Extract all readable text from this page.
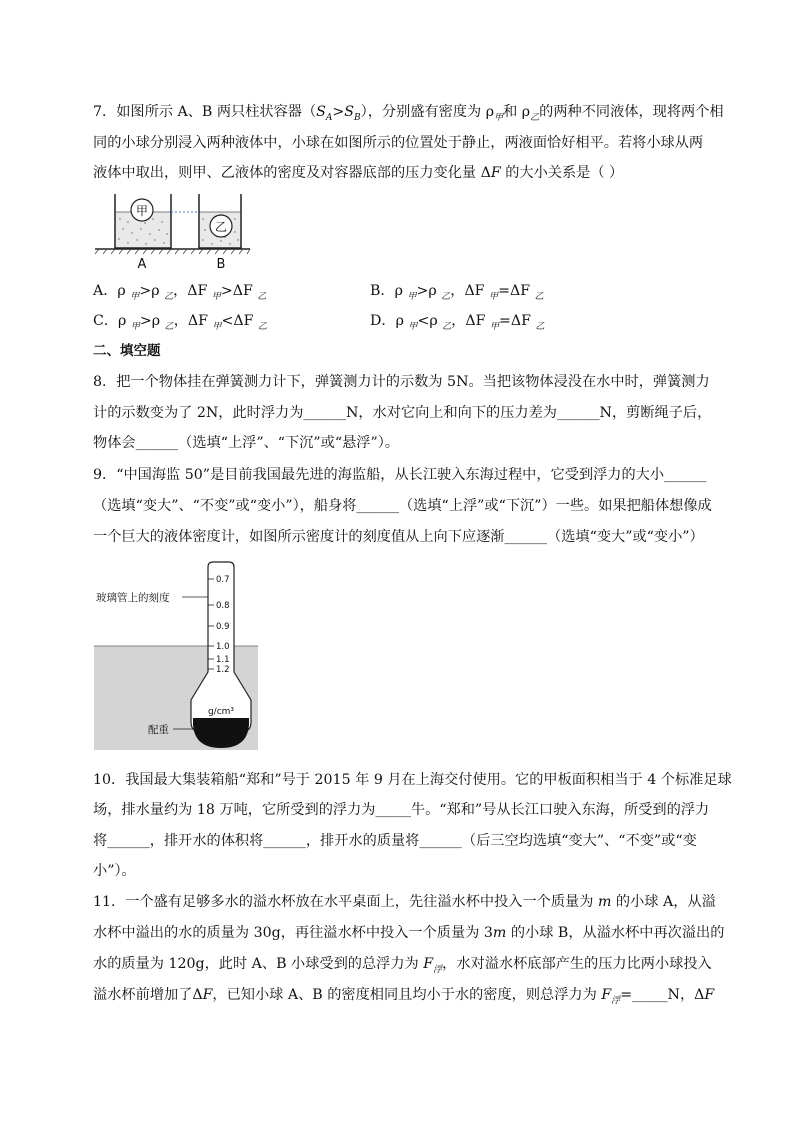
7．如图所示 A、B 两只柱状容器$(S_A>S_B)$，分别盛有密度为 $\rho_甲$和 $\rho_乙$的两种不同液体，现将两个相
同的小球分别浸入两种液体中，小球在如图所示的位置处于静止，两液面恰好相平。若将小球从两
液体中取出，则甲、乙液体的密度及对容器底部的压力变化量 ΔF 的大小关系是（ ）
甲
乙
A	B
A．ρ $_甲$>ρ $_乙$，ΔF $_甲$>ΔF $_乙$	B．ρ $_甲$>ρ $_乙$，ΔF $_甲$=ΔF $_乙$
C．ρ $_甲$>ρ $_乙$，ΔF $_甲$<ΔF $_乙$	D．ρ $_甲$<ρ $_乙$，ΔF $_甲$=ΔF $_乙$
二、填空题
8．把一个物体挂在弹簧测力计下，弹簧测力计的示数为 5N。当把该物体浸没在水中时，弹簧测力
计的示数变为了 2N，此时浮力为______N，水对它向上和向下的压力差为______N，剪断绳子后，
物体会______（选填“上浮”、“下沉”或“悬浮”）。
9．“中国海监 50”是目前我国最先进的海监船，从长江驶入东海过程中，它受到浮力的大小______
（选填“变大”、“不变”或“变小”），船身将______（选填“上浮”或“下沉”）一些。如果把船体想像成
一个巨大的液体密度计，如图所示密度计的刻度值从上向下应逐渐______（选填“变大”或“变小”）
0.7
0.8
0.9
1.0
1.1
1.2
g/cm³
玻璃管上的刻度
配重
10．我国最大集装箱船“郑和”号于 2015 年 9 月在上海交付使用。它的甲板面积相当于 4 个标准足球
场，排水量约为 18 万吨，它所受到的浮力为_____牛。“郑和”号从长江口驶入东海，所受到的浮力
将______，排开水的体积将______，排开水的质量将______（后三空均选填“变大”、“不变”或“变
小”）。
11．一个盛有足够多水的溢水杯放在水平桌面上，先往溢水杯中投入一个质量为 m 的小球 A，从溢
水杯中溢出的水的质量为 30g，再往溢水杯中投入一个质量为 3m 的小球 B，从溢水杯中再次溢出的
水的质量为 120g，此时 A、B 小球受到的总浮力为 $F_浮$，水对溢水杯底部产生的压力比两小球投入
溢水杯前增加了ΔF，已知小球 A、B 的密度相同且均小于水的密度，则总浮力为 $F_浮=\_\_\_\_\_N$，ΔF
